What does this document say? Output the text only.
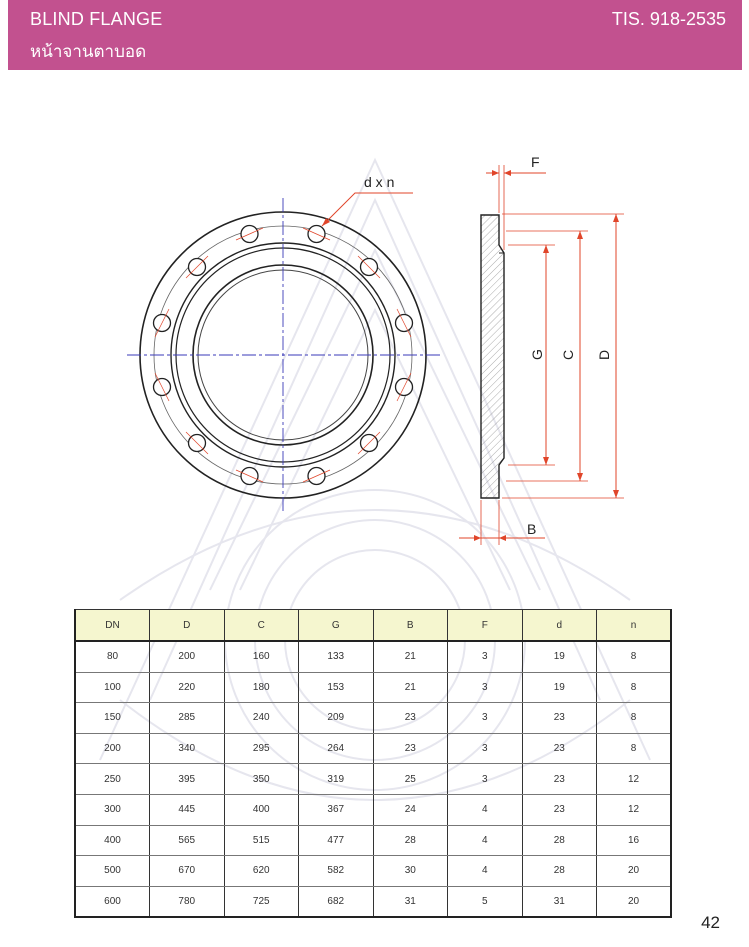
BLIND FLANGE
หน้าจานตาบอด
TIS. 918-2535
d x n
F
G C D
B
DN	D	C	G	B	F	d	n
80	200	160	133	21	3	19	8
100	220	180	153	21	3	19	8
150	285	240	209	23	3	23	8
200	340	295	264	23	3	23	8
250	395	350	319	25	3	23	12
300	445	400	367	24	4	23	12
400	565	515	477	28	4	28	16
500	670	620	582	30	4	28	20
600	780	725	682	31	5	31	20
42
